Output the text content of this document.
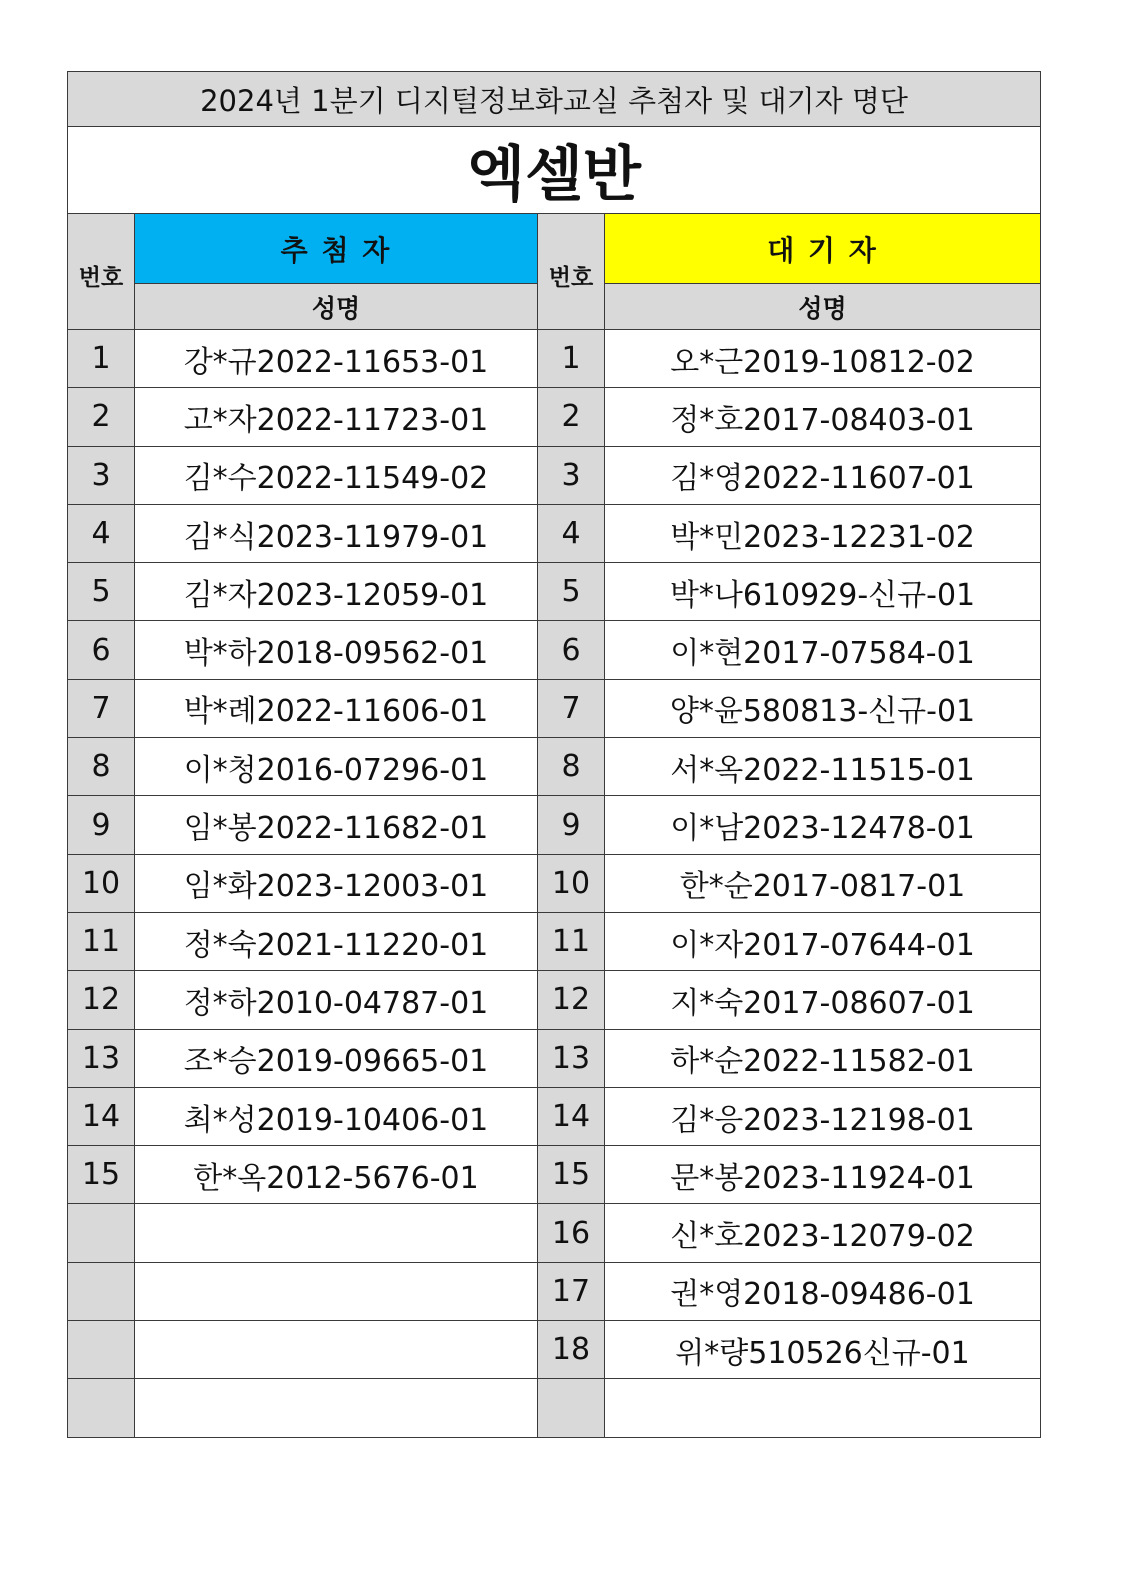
2024년 1분기 디지털정보화교실 추첨자 및 대기자 명단			
엑셀반			
번호	추 첨 자	번호	대 기 자
	성명		성명
1	강*규2022-11653-01	1	오*근2019-10812-02
2	고*자2022-11723-01	2	정*호2017-08403-01
3	김*수2022-11549-02	3	김*영2022-11607-01
4	김*식2023-11979-01	4	박*민2023-12231-02
5	김*자2023-12059-01	5	박*나610929-신규-01
6	박*하2018-09562-01	6	이*현2017-07584-01
7	박*례2022-11606-01	7	양*윤580813-신규-01
8	이*청2016-07296-01	8	서*옥2022-11515-01
9	임*봉2022-11682-01	9	이*남2023-12478-01
10	임*화2023-12003-01	10	한*순2017-0817-01
11	정*숙2021-11220-01	11	이*자2017-07644-01
12	정*하2010-04787-01	12	지*숙2017-08607-01
13	조*승2019-09665-01	13	하*순2022-11582-01
14	최*성2019-10406-01	14	김*응2023-12198-01
15	한*옥2012-5676-01	15	문*봉2023-11924-01
		16	신*호2023-12079-02
		17	권*영2018-09486-01
		18	위*량510526신규-01
